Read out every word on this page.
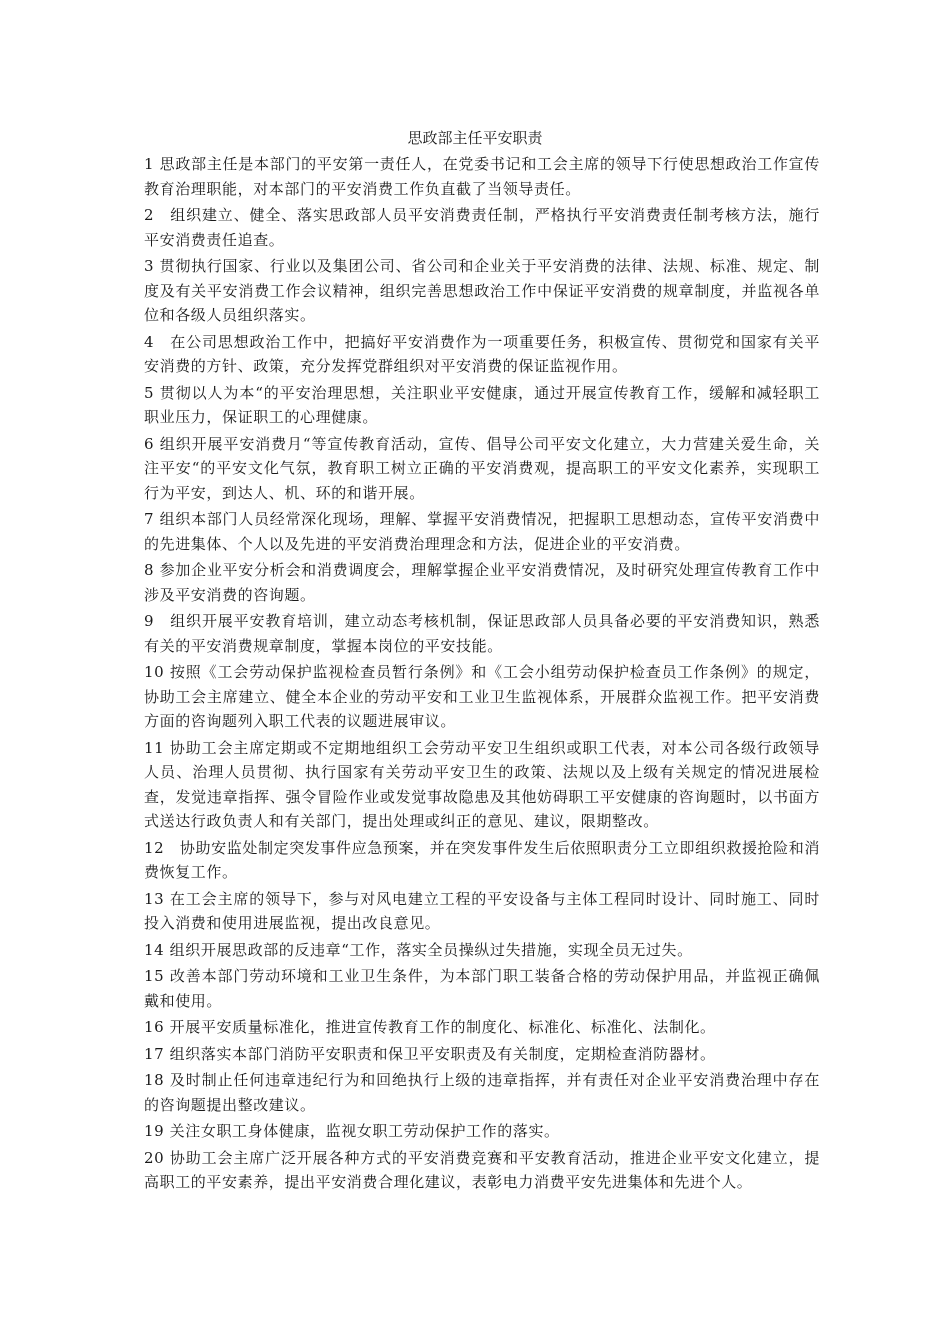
思政部主任平安职责

1 思政部主任是本部门的平安第一责任人，在党委书记和工会主席的领导下行使思想政治工作宣传教育治理职能，对本部门的平安消费工作负直截了当领导责任。

2　组织建立、健全、落实思政部人员平安消费责任制，严格执行平安消费责任制考核方法，施行平安消费责任追查。

3 贯彻执行国家、行业以及集团公司、省公司和企业关于平安消费的法律、法规、标准、规定、制度及有关平安消费工作会议精神，组织完善思想政治工作中保证平安消费的规章制度，并监视各单位和各级人员组织落实。

4　在公司思想政治工作中，把搞好平安消费作为一项重要任务，积极宣传、贯彻党和国家有关平安消费的方针、政策，充分发挥党群组织对平安消费的保证监视作用。

5 贯彻以人为本“的平安治理思想，关注职业平安健康，通过开展宣传教育工作，缓解和减轻职工职业压力，保证职工的心理健康。

6 组织开展平安消费月“等宣传教育活动，宣传、倡导公司平安文化建立，大力营建关爱生命，关注平安“的平安文化气氛，教育职工树立正确的平安消费观，提高职工的平安文化素养，实现职工行为平安，到达人、机、环的和谐开展。

7 组织本部门人员经常深化现场，理解、掌握平安消费情况，把握职工思想动态，宣传平安消费中的先进集体、个人以及先进的平安消费治理理念和方法，促进企业的平安消费。

8 参加企业平安分析会和消费调度会，理解掌握企业平安消费情况，及时研究处理宣传教育工作中涉及平安消费的咨询题。

9　组织开展平安教育培训，建立动态考核机制，保证思政部人员具备必要的平安消费知识，熟悉有关的平安消费规章制度，掌握本岗位的平安技能。

10 按照《工会劳动保护监视检查员暂行条例》和《工会小组劳动保护检查员工作条例》的规定，协助工会主席建立、健全本企业的劳动平安和工业卫生监视体系，开展群众监视工作。把平安消费方面的咨询题列入职工代表的议题进展审议。

11 协助工会主席定期或不定期地组织工会劳动平安卫生组织或职工代表，对本公司各级行政领导人员、治理人员贯彻、执行国家有关劳动平安卫生的政策、法规以及上级有关规定的情况进展检查，发觉违章指挥、强令冒险作业或发觉事故隐患及其他妨碍职工平安健康的咨询题时，以书面方式送达行政负责人和有关部门，提出处理或纠正的意见、建议，限期整改。

12　协助安监处制定突发事件应急预案，并在突发事件发生后依照职责分工立即组织救援抢险和消费恢复工作。

13 在工会主席的领导下，参与对风电建立工程的平安设备与主体工程同时设计、同时施工、同时投入消费和使用进展监视，提出改良意见。

14 组织开展思政部的反违章“工作，落实全员操纵过失措施，实现全员无过失。

15 改善本部门劳动环境和工业卫生条件，为本部门职工装备合格的劳动保护用品，并监视正确佩戴和使用。

16 开展平安质量标准化，推进宣传教育工作的制度化、标准化、标准化、法制化。

17 组织落实本部门消防平安职责和保卫平安职责及有关制度，定期检查消防器材。

18 及时制止任何违章违纪行为和回绝执行上级的违章指挥，并有责任对企业平安消费治理中存在的咨询题提出整改建议。

19 关注女职工身体健康，监视女职工劳动保护工作的落实。

20 协助工会主席广泛开展各种方式的平安消费竞赛和平安教育活动，推进企业平安文化建立，提高职工的平安素养，提出平安消费合理化建议，表彰电力消费平安先进集体和先进个人。
